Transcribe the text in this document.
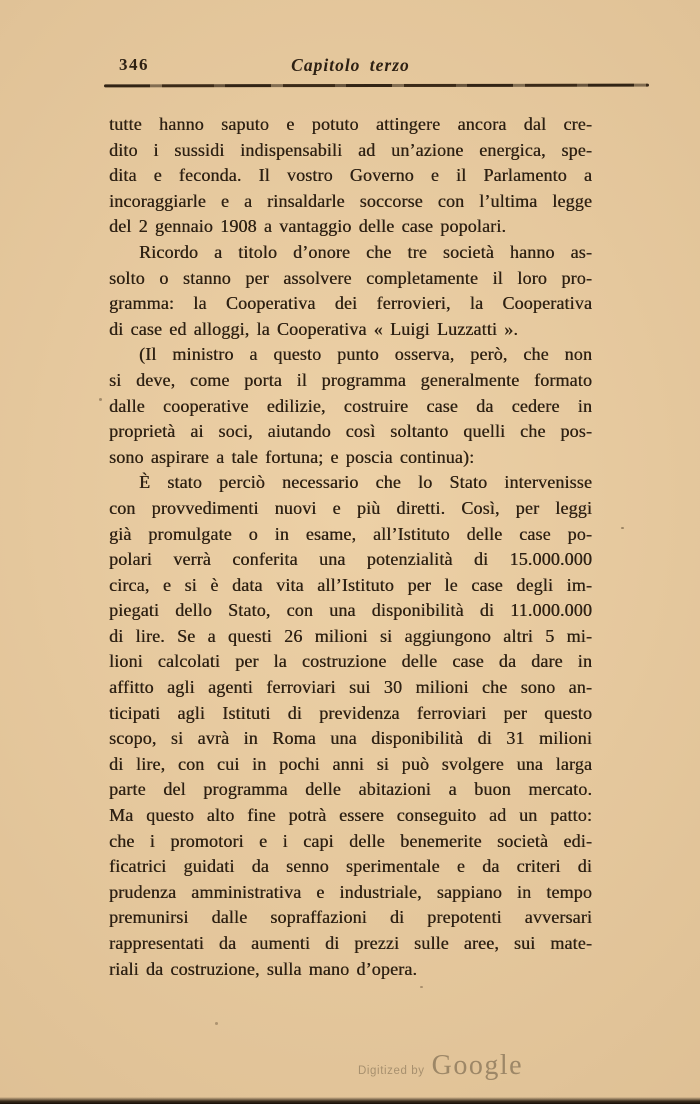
346	Capitolo terzo
tutte hanno saputo e potuto attingere ancora dal cre-
dito i sussidi indispensabili ad un’azione energica, spe-
dita e feconda. Il vostro Governo e il Parlamento a
incoraggiarle e a rinsaldarle soccorse con l’ultima legge
del 2 gennaio 1908 a vantaggio delle case popolari.
Ricordo a titolo d’onore che tre società hanno as-
solto o stanno per assolvere completamente il loro pro-
gramma: la Cooperativa dei ferrovieri, la Cooperativa
di case ed alloggi, la Cooperativa « Luigi Luzzatti ».
(Il ministro a questo punto osserva, però, che non
si deve, come porta il programma generalmente formato
dalle cooperative edilizie, costruire case da cedere in
proprietà ai soci, aiutando così soltanto quelli che pos-
sono aspirare a tale fortuna; e poscia continua):
È stato perciò necessario che lo Stato intervenisse
con provvedimenti nuovi e più diretti. Così, per leggi
già promulgate o in esame, all’Istituto delle case po-
polari verrà conferita una potenzialità di 15.000.000
circa, e si è data vita all’Istituto per le case degli im-
piegati dello Stato, con una disponibilità di 11.000.000
di lire. Se a questi 26 milioni si aggiungono altri 5 mi-
lioni calcolati per la costruzione delle case da dare in
affitto agli agenti ferroviari sui 30 milioni che sono an-
ticipati agli Istituti di previdenza ferroviari per questo
scopo, si avrà in Roma una disponibilità di 31 milioni
di lire, con cui in pochi anni si può svolgere una larga
parte del programma delle abitazioni a buon mercato.
Ma questo alto fine potrà essere conseguito ad un patto:
che i promotori e i capi delle benemerite società edi-
ficatrici guidati da senno sperimentale e da criteri di
prudenza amministrativa e industriale, sappiano in tempo
premunirsi dalle sopraffazioni di prepotenti avversari
rappresentati da aumenti di prezzi sulle aree, sui mate-
riali da costruzione, sulla mano d’opera.
Digitized by Google
